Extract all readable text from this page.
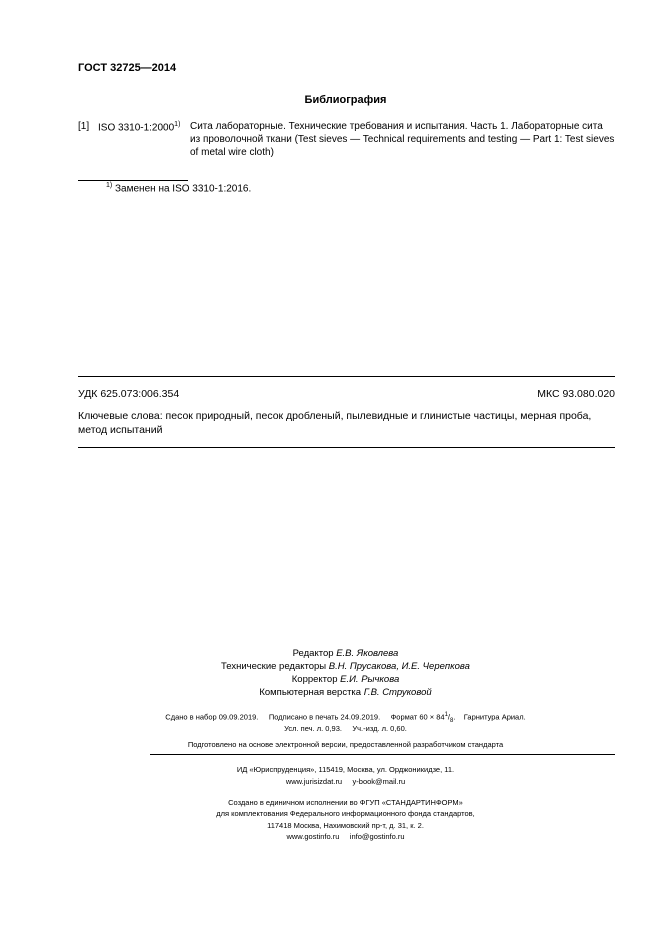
ГОСТ 32725—2014
Библиография
[1] ISO 3310-1:2000$^{1)}$ Сита лабораторные. Технические требования и испытания. Часть 1. Лабораторные сита из проволочной ткани (Test sieves — Technical requirements and testing — Part 1: Test sieves of metal wire cloth)
$^{1)}$ Заменен на ISO 3310-1:2016.
УДК 625.073:006.354	МКС 93.080.020
Ключевые слова: песок природный, песок дробленый, пылевидные и глинистые частицы, мерная проба, метод испытаний
Редактор Е.В. Яковлева
Технические редакторы В.Н. Прусакова, И.Е. Черепкова
Корректор Е.И. Рычкова
Компьютерная верстка Г.В. Струковой
Сдано в набор 09.09.2019. Подписано в печать 24.09.2019. Формат $60 \times 84^1/_8$.    Гарнитура Ариал.
Усл. печ. л. 0,93. Уч.-изд. л. 0,60.
Подготовлено на основе электронной версии, предоставленной разработчиком стандарта
ИД «Юриспруденция», 115419, Москва, ул. Орджоникидзе, 11.
www.jurisizdat.ru     y-book@mail.ru
Создано в единичном исполнении во ФГУП «СТАНДАРТИНФОРМ»
для комплектования Федерального информационного фонда стандартов,
117418 Москва, Нахимовский пр-т, д. 31, к. 2.
www.gostinfo.ru     info@gostinfo.ru
